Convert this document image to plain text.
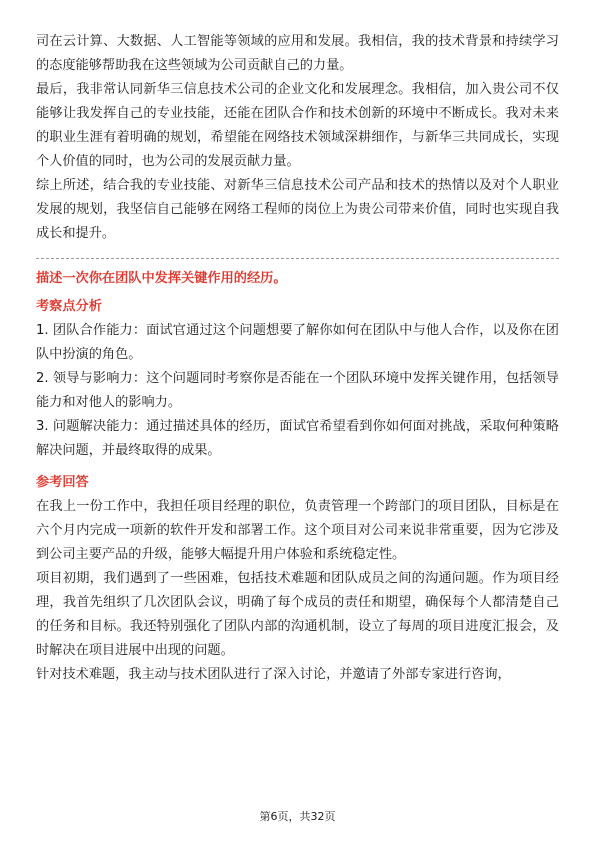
司在云计算、大数据、人工智能等领域的应用和发展。我相信，我的技术背景和持续学习的态度能够帮助我在这些领域为公司贡献自己的力量。

最后，我非常认同新华三信息技术公司的企业文化和发展理念。我相信，加入贵公司不仅能够让我发挥自己的专业技能，还能在团队合作和技术创新的环境中不断成长。我对未来的职业生涯有着明确的规划，希望能在网络技术领域深耕细作，与新华三共同成长，实现个人价值的同时，也为公司的发展贡献力量。

综上所述，结合我的专业技能、对新华三信息技术公司产品和技术的热情以及对个人职业发展的规划，我坚信自己能够在网络工程师的岗位上为贵公司带来价值，同时也实现自我成长和提升。

描述一次你在团队中发挥关键作用的经历。

考察点分析

1. 团队合作能力：面试官通过这个问题想要了解你如何在团队中与他人合作，以及你在团队中扮演的角色。

2. 领导与影响力：这个问题同时考察你是否能在一个团队环境中发挥关键作用，包括领导能力和对他人的影响力。

3. 问题解决能力：通过描述具体的经历，面试官希望看到你如何面对挑战，采取何种策略解决问题，并最终取得的成果。

参考回答

在我上一份工作中，我担任项目经理的职位，负责管理一个跨部门的项目团队，目标是在六个月内完成一项新的软件开发和部署工作。这个项目对公司来说非常重要，因为它涉及到公司主要产品的升级，能够大幅提升用户体验和系统稳定性。

项目初期，我们遇到了一些困难，包括技术难题和团队成员之间的沟通问题。作为项目经理，我首先组织了几次团队会议，明确了每个成员的责任和期望，确保每个人都清楚自己的任务和目标。我还特别强化了团队内部的沟通机制，设立了每周的项目进度汇报会，及时解决在项目进展中出现的问题。

针对技术难题，我主动与技术团队进行了深入讨论，并邀请了外部专家进行咨询，

第6页，共32页
